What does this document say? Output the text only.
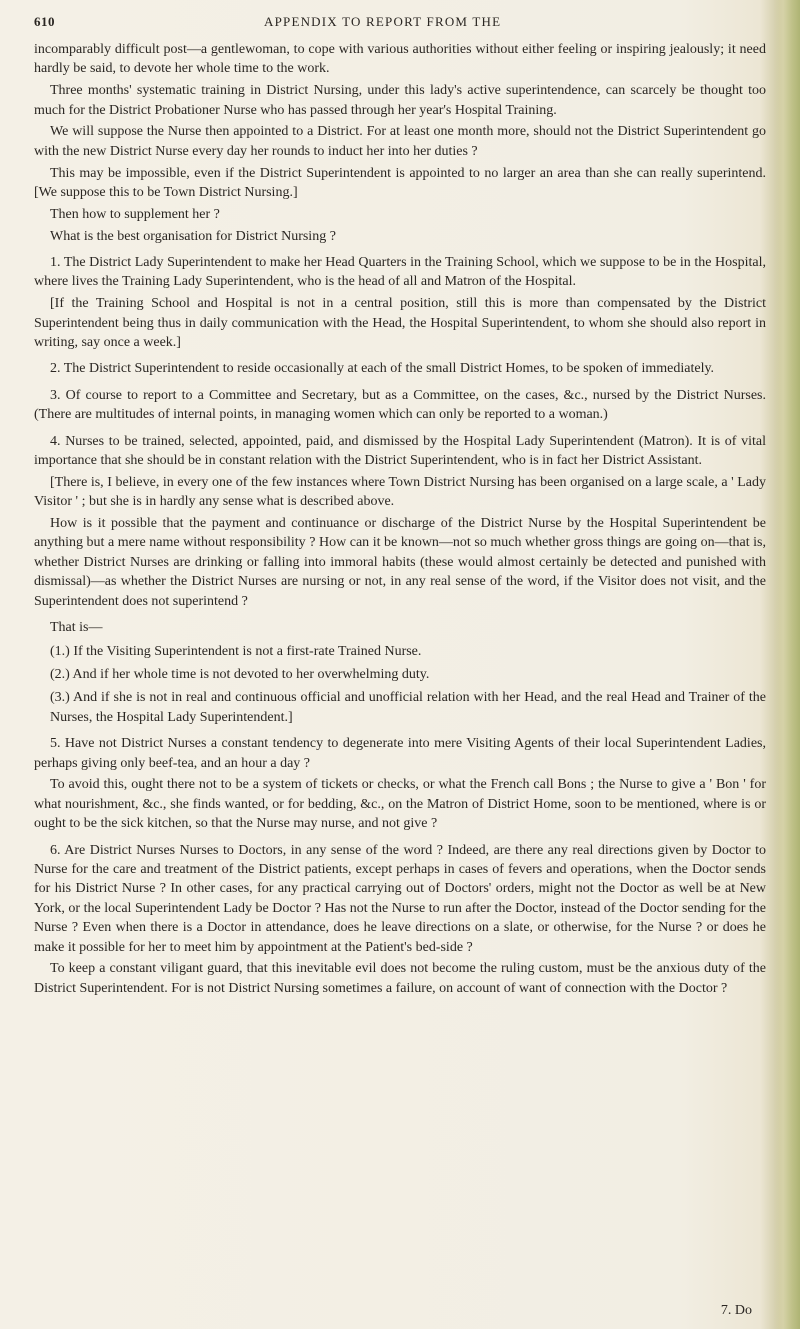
610	APPENDIX TO REPORT FROM THE

incomparably difficult post—a gentlewoman, to cope with various authorities without either feeling or inspiring jealously; it need hardly be said, to devote her whole time to the work.

Three months' systematic training in District Nursing, under this lady's active superintendence, can scarcely be thought too much for the District Probationer Nurse who has passed through her year's Hospital Training.

We will suppose the Nurse then appointed to a District. For at least one month more, should not the District Superintendent go with the new District Nurse every day her rounds to induct her into her duties ?

This may be impossible, even if the District Superintendent is appointed to no larger an area than she can really superintend. [We suppose this to be Town District Nursing.]

Then how to supplement her ?

What is the best organisation for District Nursing ?

1. The District Lady Superintendent to make her Head Quarters in the Training School, which we suppose to be in the Hospital, where lives the Training Lady Superintendent, who is the head of all and Matron of the Hospital.

[If the Training School and Hospital is not in a central position, still this is more than compensated by the District Superintendent being thus in daily communication with the Head, the Hospital Superintendent, to whom she should also report in writing, say once a week.]

2. The District Superintendent to reside occasionally at each of the small District Homes, to be spoken of immediately.

3. Of course to report to a Committee and Secretary, but as a Committee, on the cases, &c., nursed by the District Nurses. (There are multitudes of internal points, in managing women which can only be reported to a woman.)

4. Nurses to be trained, selected, appointed, paid, and dismissed by the Hospital Lady Superintendent (Matron). It is of vital importance that she should be in constant relation with the District Superintendent, who is in fact her District Assistant.

[There is, I believe, in every one of the few instances where Town District Nursing has been organised on a large scale, a ' Lady Visitor ' ; but she is in hardly any sense what is described above.

How is it possible that the payment and continuance or discharge of the District Nurse by the Hospital Superintendent be anything but a mere name without responsibility ? How can it be known—not so much whether gross things are going on—that is, whether District Nurses are drinking or falling into immoral habits (these would almost certainly be detected and punished with dismissal)—as whether the District Nurses are nursing or not, in any real sense of the word, if the Visitor does not visit, and the Superintendent does not superintend ?

That is—

(1.) If the Visiting Superintendent is not a first-rate Trained Nurse.

(2.) And if her whole time is not devoted to her overwhelming duty.

(3.) And if she is not in real and continuous official and unofficial relation with her Head, and the real Head and Trainer of the Nurses, the Hospital Lady Superintendent.]

5. Have not District Nurses a constant tendency to degenerate into mere Visiting Agents of their local Superintendent Ladies, perhaps giving only beef-tea, and an hour a day ?

To avoid this, ought there not to be a system of tickets or checks, or what the French call Bons ; the Nurse to give a ' Bon ' for what nourishment, &c., she finds wanted, or for bedding, &c., on the Matron of District Home, soon to be mentioned, where is or ought to be the sick kitchen, so that the Nurse may nurse, and not give ?

6. Are District Nurses Nurses to Doctors, in any sense of the word ? Indeed, are there any real directions given by Doctor to Nurse for the care and treatment of the District patients, except perhaps in cases of fevers and operations, when the Doctor sends for his District Nurse ? In other cases, for any practical carrying out of Doctors' orders, might not the Doctor as well be at New York, or the local Superintendent Lady be Doctor ? Has not the Nurse to run after the Doctor, instead of the Doctor sending for the Nurse ? Even when there is a Doctor in attendance, does he leave directions on a slate, or otherwise, for the Nurse ? or does he make it possible for her to meet him by appointment at the Patient's bed-side ?

To keep a constant viligant guard, that this inevitable evil does not become the ruling custom, must be the anxious duty of the District Superintendent. For is not District Nursing sometimes a failure, on account of want of connection with the Doctor ?

7. Do
